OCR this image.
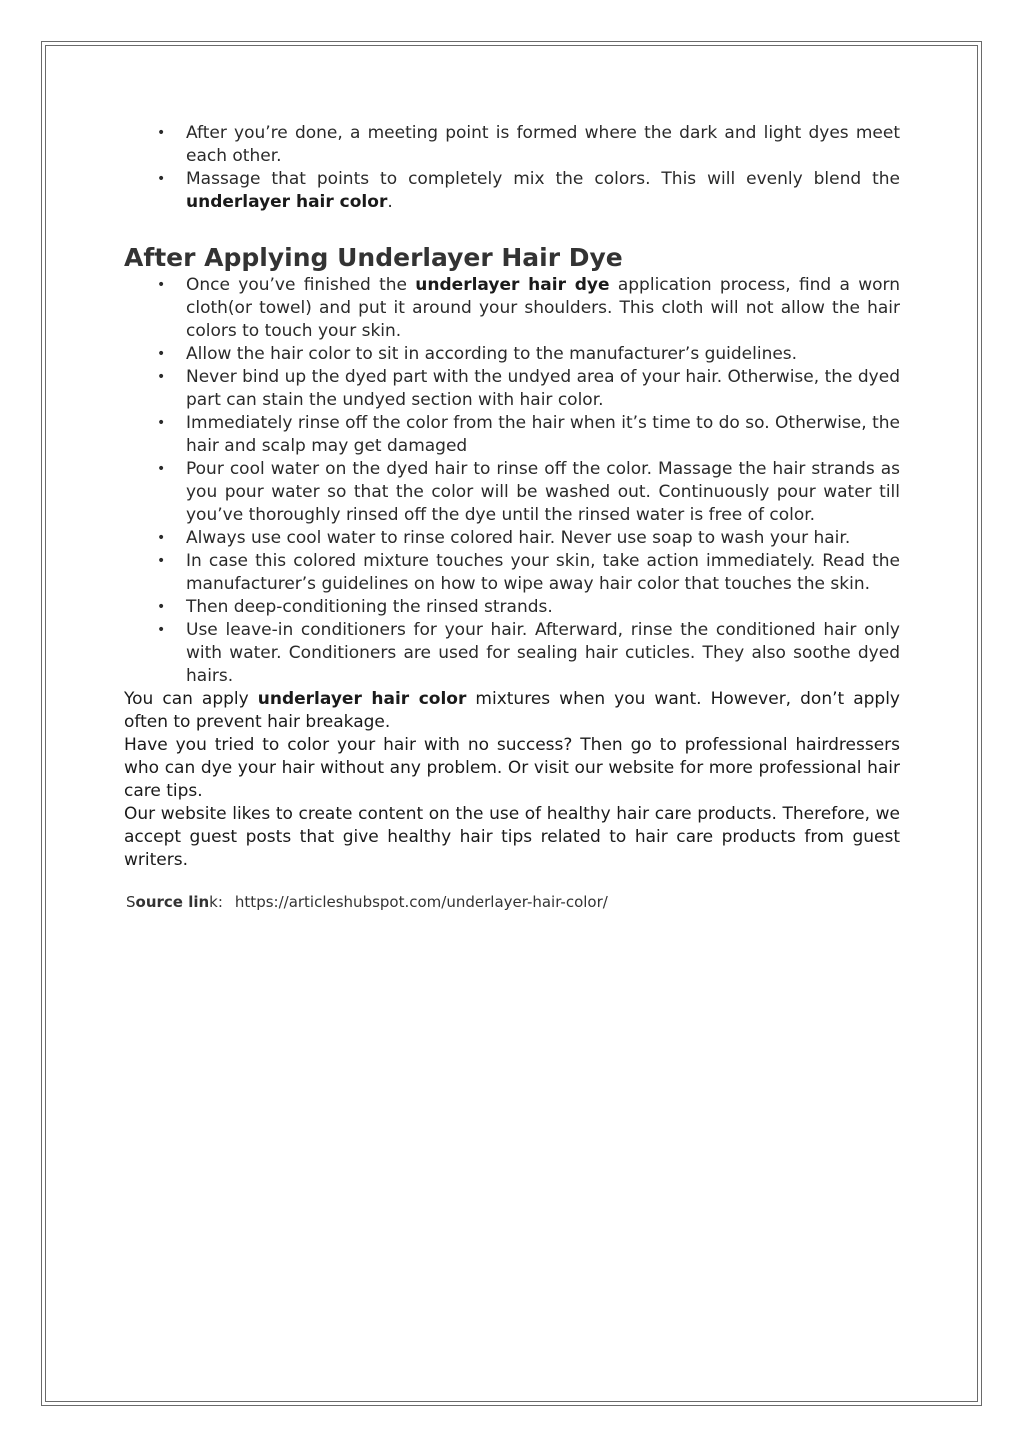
• After you’re done, a meeting point is formed where the dark and light dyes meet each other.
• Massage that points to completely mix the colors. This will evenly blend the underlayer hair color.
After Applying Underlayer Hair Dye
• Once you’ve finished the underlayer hair dye application process, find a worn cloth(or towel) and put it around your shoulders. This cloth will not allow the hair colors to touch your skin.
• Allow the hair color to sit in according to the manufacturer’s guidelines.
• Never bind up the dyed part with the undyed area of your hair. Otherwise, the dyed part can stain the undyed section with hair color.
• Immediately rinse off the color from the hair when it’s time to do so. Otherwise, the hair and scalp may get damaged
• Pour cool water on the dyed hair to rinse off the color. Massage the hair strands as you pour water so that the color will be washed out. Continuously pour water till you’ve thoroughly rinsed off the dye until the rinsed water is free of color.
• Always use cool water to rinse colored hair. Never use soap to wash your hair.
• In case this colored mixture touches your skin, take action immediately. Read the manufacturer’s guidelines on how to wipe away hair color that touches the skin.
• Then deep-conditioning the rinsed strands.
• Use leave-in conditioners for your hair. Afterward, rinse the conditioned hair only with water. Conditioners are used for sealing hair cuticles. They also soothe dyed hairs.

You can apply underlayer hair color mixtures when you want. However, don’t apply often to prevent hair breakage.

Have you tried to color your hair with no success? Then go to professional hairdressers who can dye your hair without any problem. Or visit our website for more professional hair care tips.

Our website likes to create content on the use of healthy hair care products. Therefore, we accept guest posts that give healthy hair tips related to hair care products from guest writers.

Source link: https://articleshubspot.com/underlayer-hair-color/
